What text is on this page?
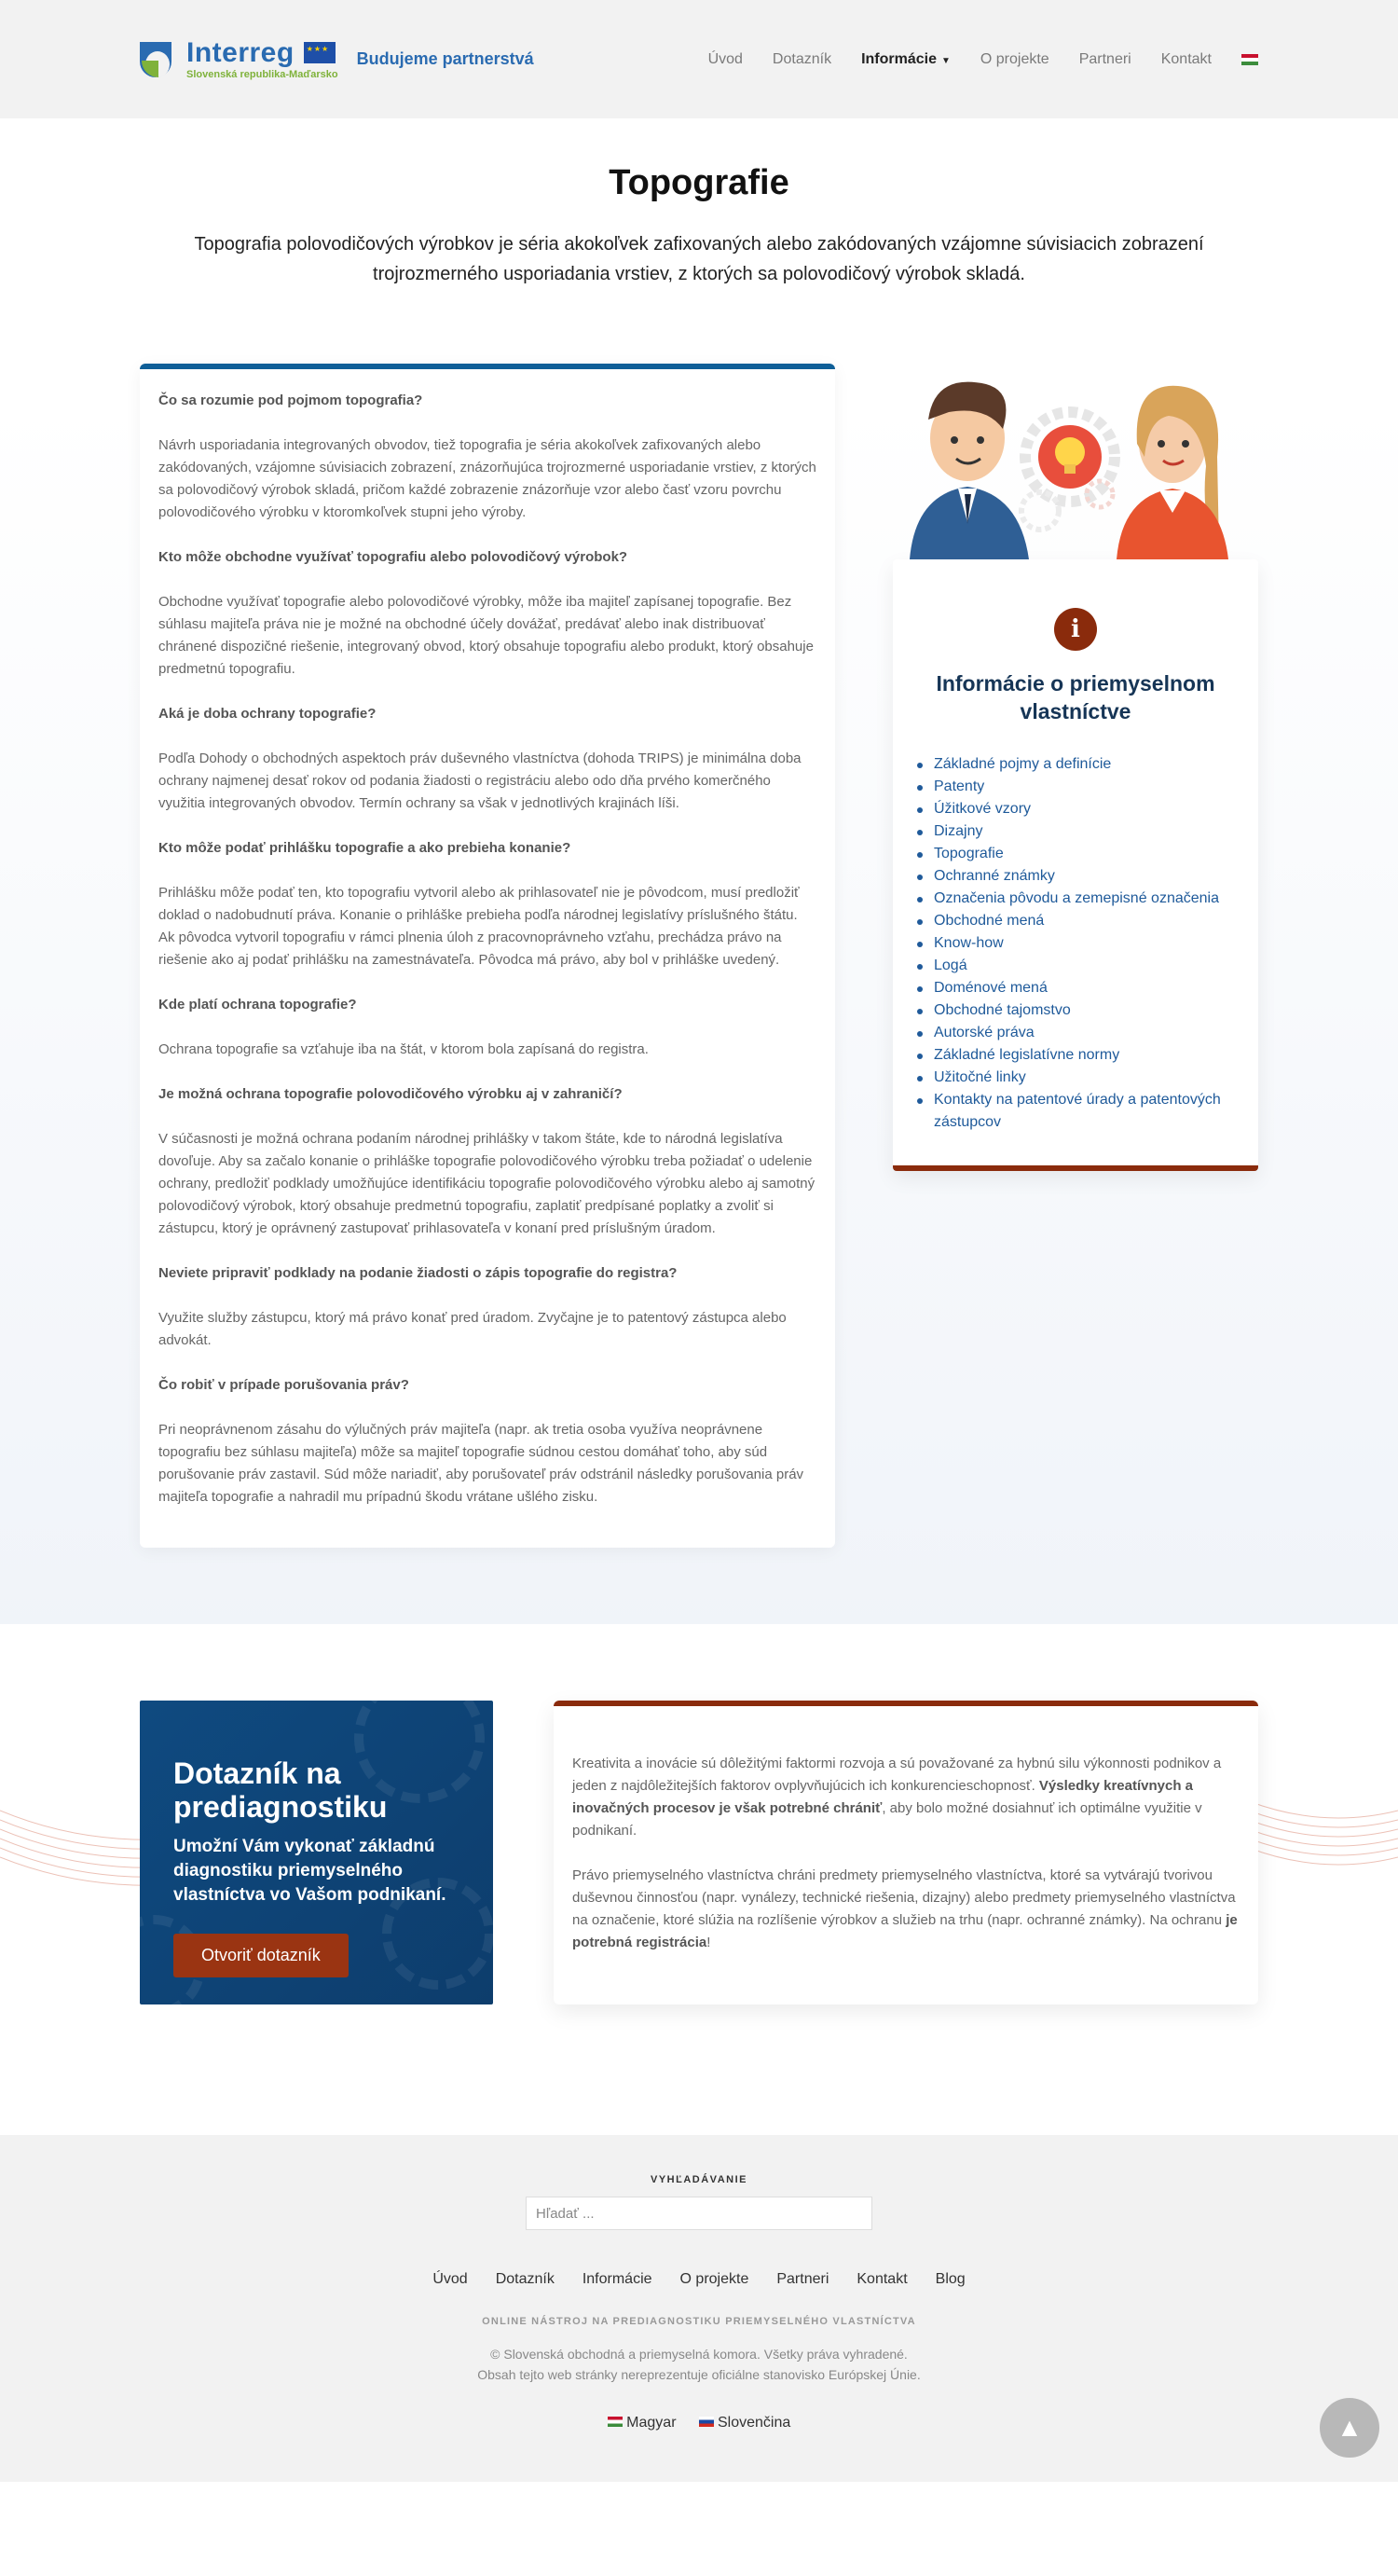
Interreg
★★★
Slovenská republika-Maďarsko
Budujeme partnerstvá	Úvod Dotazník Informácie ▼ O projekte Partneri Kontakt
Topografie

Topografia polovodičových výrobkov je séria akokoľvek zafixovaných alebo zakódovaných vzájomne súvisiacich zobrazení trojrozmerného usporiadania vrstiev, z ktorých sa polovodičový výrobok skladá.

Čo sa rozumie pod pojmom topografia?

Návrh usporiadania integrovaných obvodov, tiež topografia je séria akokoľvek zafixovaných alebo zakódovaných, vzájomne súvisiacich zobrazení, znázorňujúca trojrozmerné usporiadanie vrstiev, z ktorých sa polovodičový výrobok skladá, pričom každé zobrazenie znázorňuje vzor alebo časť vzoru povrchu polovodičového výrobku v ktoromkoľvek stupni jeho výroby.

Kto môže obchodne využívať topografiu alebo polovodičový výrobok?

Obchodne využívať topografie alebo polovodičové výrobky, môže iba majiteľ zapísanej topografie. Bez súhlasu majiteľa práva nie je možné na obchodné účely dovážať, predávať alebo inak distribuovať chránené dispozičné riešenie, integrovaný obvod, ktorý obsahuje topografiu alebo produkt, ktorý obsahuje predmetnú topografiu.

Aká je doba ochrany topografie?

Podľa Dohody o obchodných aspektoch práv duševného vlastníctva (dohoda TRIPS) je minimálna doba ochrany najmenej desať rokov od podania žiadosti o registráciu alebo odo dňa prvého komerčného využitia integrovaných obvodov. Termín ochrany sa však v jednotlivých krajinách líši.

Kto môže podať prihlášku topografie a ako prebieha konanie?

Prihlášku môže podať ten, kto topografiu vytvoril alebo ak prihlasovateľ nie je pôvodcom, musí predložiť doklad o nadobudnutí práva. Konanie o prihláške prebieha podľa národnej legislatívy príslušného štátu. Ak pôvodca vytvoril topografiu v rámci plnenia úloh z pracovnoprávneho vzťahu, prechádza právo na riešenie ako aj podať prihlášku na zamestnávateľa. Pôvodca má právo, aby bol v prihláške uvedený.

Kde platí ochrana topografie?

Ochrana topografie sa vzťahuje iba na štát, v ktorom bola zapísaná do registra.

Je možná ochrana topografie polovodičového výrobku aj v zahraničí?

V súčasnosti je možná ochrana podaním národnej prihlášky v takom štáte, kde to národná legislatíva dovoľuje. Aby sa začalo konanie o prihláške topografie polovodičového výrobku treba požiadať o udelenie ochrany, predložiť podklady umožňujúce identifikáciu topografie polovodičového výrobku alebo aj samotný polovodičový výrobok, ktorý obsahuje predmetnú topografiu, zaplatiť predpísané poplatky a zvoliť si zástupcu, ktorý je oprávnený zastupovať prihlasovateľa v konaní pred príslušným úradom.

Neviete pripraviť podklady na podanie žiadosti o zápis topografie do registra?

Využite služby zástupcu, ktorý má právo konať pred úradom. Zvyčajne je to patentový zástupca alebo advokát.

Čo robiť v prípade porušovania práv?

Pri neoprávnenom zásahu do výlučných práv majiteľa (napr. ak tretia osoba využíva neoprávnene topografiu bez súhlasu majiteľa) môže sa majiteľ topografie súdnou cestou domáhať toho, aby súd porušovanie práv zastavil. Súd môže nariadiť, aby porušovateľ práv odstránil následky porušovania práv majiteľa topografie a nahradil mu prípadnú škodu vrátane ušlého zisku.

i
Informácie o priemyselnom vlastníctve
Základné pojmy a definície
Patenty
Úžitkové vzory
Dizajny
Topografie
Ochranné známky
Označenia pôvodu a zemepisné označenia
Obchodné mená
Know-how
Logá
Doménové mená
Obchodné tajomstvo
Autorské práva
Základné legislatívne normy
Užitočné linky
Kontakty na patentové úrady a patentových zástupcov
Dotazník na prediagnostiku

Umožní Vám vykonať základnú diagnostiku priemyselného vlastníctva vo Vašom podnikaní.

Otvoriť dotazník

Kreativita a inovácie sú dôležitými faktormi rozvoja a sú považované za hybnú silu výkonnosti podnikov a jeden z najdôležitejších faktorov ovplyvňujúcich ich konkurencieschopnosť. Výsledky kreatívnych a inovačných procesov je však potrebné chrániť, aby bolo možné dosiahnuť ich optimálne využitie v podnikaní.

Právo priemyselného vlastníctva chráni predmety priemyselného vlastníctva, ktoré sa vytvárajú tvorivou duševnou činnosťou (napr. vynálezy, technické riešenia, dizajny) alebo predmety priemyselného vlastníctva na označenie, ktoré slúžia na rozlíšenie výrobkov a služieb na trhu (napr. ochranné známky). Na ochranu je potrebná registrácia!

VYHĽADÁVANIE
Hľadať ...
Úvod Dotazník Informácie O projekte Partneri Kontakt Blog
ONLINE NÁSTROJ NA PREDIAGNOSTIKU PRIEMYSELNÉHO VLASTNÍCTVA
© Slovenská obchodná a priemyselná komora. Všetky práva vyhradené.
Obsah tejto web stránky nereprezentuje oficiálne stanovisko Európskej Únie.
Magyar	Slovenčina	▲
